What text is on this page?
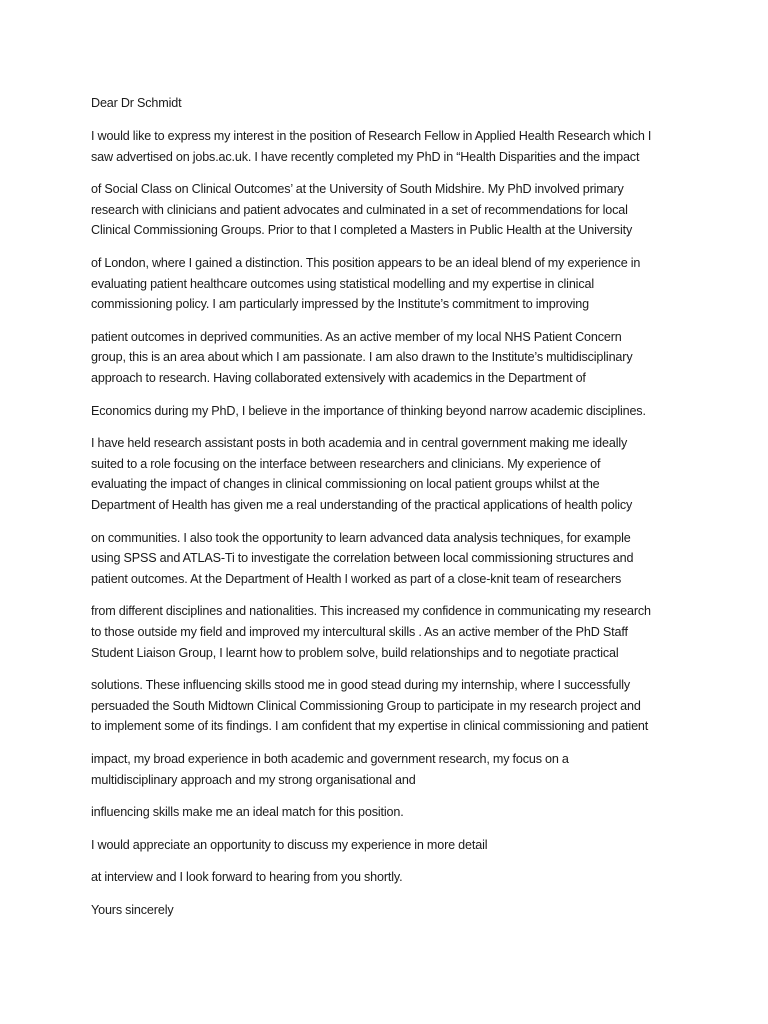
Dear Dr Schmidt

I would like to express my interest in the position of Research Fellow in Applied Health Research which I
saw advertised on jobs.ac.uk. I have recently completed my PhD in “Health Disparities and the impact

of Social Class on Clinical Outcomes’ at the University of South Midshire. My PhD involved primary
research with clinicians and patient advocates and culminated in a set of recommendations for local
Clinical Commissioning Groups. Prior to that I completed a Masters in Public Health at the University

of London, where I gained a distinction. This position appears to be an ideal blend of my experience in
evaluating patient healthcare outcomes using statistical modelling and my expertise in clinical
commissioning policy. I am particularly impressed by the Institute’s commitment to improving

patient outcomes in deprived communities. As an active member of my local NHS Patient Concern
group, this is an area about which I am passionate. I am also drawn to the Institute’s multidisciplinary
approach to research. Having collaborated extensively with academics in the Department of

Economics during my PhD, I believe in the importance of thinking beyond narrow academic disciplines.

I have held research assistant posts in both academia and in central government making me ideally
suited to a role focusing on the interface between researchers and clinicians. My experience of
evaluating the impact of changes in clinical commissioning on local patient groups whilst at the
Department of Health has given me a real understanding of the practical applications of health policy

on communities. I also took the opportunity to learn advanced data analysis techniques, for example
using SPSS and ATLAS-Ti to investigate the correlation between local commissioning structures and
patient outcomes. At the Department of Health I worked as part of a close-knit team of researchers

from different disciplines and nationalities. This increased my confidence in communicating my research
to those outside my field and improved my intercultural skills . As an active member of the PhD Staff
Student Liaison Group, I learnt how to problem solve, build relationships and to negotiate practical

solutions. These influencing skills stood me in good stead during my internship, where I successfully
persuaded the South Midtown Clinical Commissioning Group to participate in my research project and
to implement some of its findings. I am confident that my expertise in clinical commissioning and patient

impact, my broad experience in both academic and government research, my focus on a
multidisciplinary approach and my strong organisational and

influencing skills make me an ideal match for this position.

I would appreciate an opportunity to discuss my experience in more detail

at interview and I look forward to hearing from you shortly.

Yours sincerely
